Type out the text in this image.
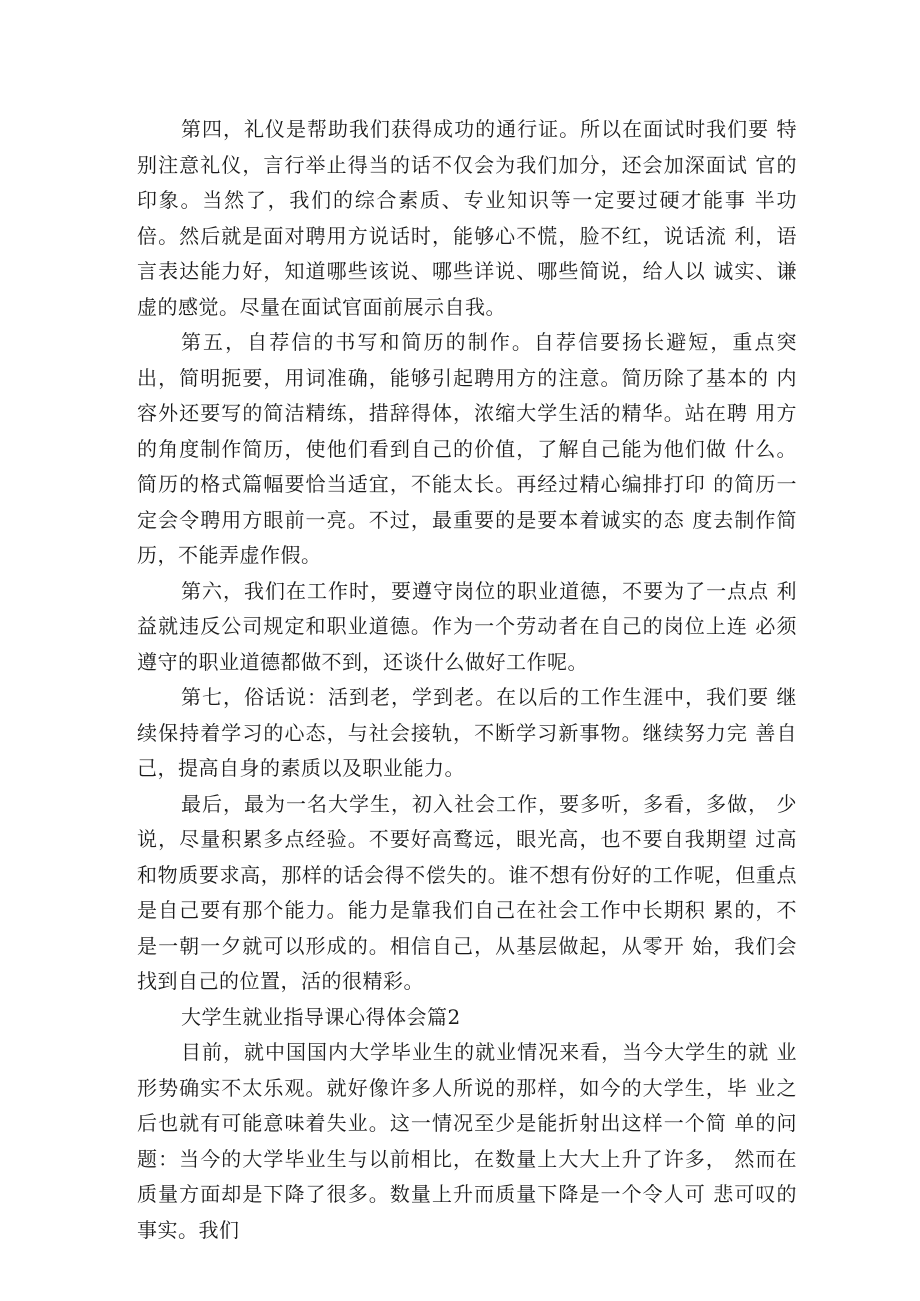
第四，礼仪是帮助我们获得成功的通行证。所以在面试时我们要 特别注意礼仪，言行举止得当的话不仅会为我们加分，还会加深面试 官的印象。当然了，我们的综合素质、专业知识等一定要过硬才能事 半功倍。然后就是面对聘用方说话时，能够心不慌，脸不红，说话流 利，语言表达能力好，知道哪些该说、哪些详说、哪些简说，给人以 诚实、谦虚的感觉。尽量在面试官面前展示自我。

第五，自荐信的书写和简历的制作。自荐信要扬长避短，重点突 出，简明扼要，用词准确，能够引起聘用方的注意。简历除了基本的 内容外还要写的简洁精练，措辞得体，浓缩大学生活的精华。站在聘 用方的角度制作简历，使他们看到自己的价值，了解自己能为他们做 什么。简历的格式篇幅要恰当适宜，不能太长。再经过精心编排打印 的简历一定会令聘用方眼前一亮。不过，最重要的是要本着诚实的态 度去制作简历，不能弄虚作假。

第六，我们在工作时，要遵守岗位的职业道德，不要为了一点点 利益就违反公司规定和职业道德。作为一个劳动者在自己的岗位上连 必须遵守的职业道德都做不到，还谈什么做好工作呢。

第七，俗话说：活到老，学到老。在以后的工作生涯中，我们要 继续保持着学习的心态，与社会接轨，不断学习新事物。继续努力完 善自己，提高自身的素质以及职业能力。

最后，最为一名大学生，初入社会工作，要多听，多看，多做， 少说，尽量积累多点经验。不要好高鹜远，眼光高，也不要自我期望 过高和物质要求高，那样的话会得不偿失的。谁不想有份好的工作呢，但重点是自己要有那个能力。能力是靠我们自己在社会工作中长期积 累的，不是一朝一夕就可以形成的。相信自己，从基层做起，从零开 始，我们会找到自己的位置，活的很精彩。

大学生就业指导课心得体会篇2

目前，就中国国内大学毕业生的就业情况来看，当今大学生的就 业形势确实不太乐观。就好像许多人所说的那样，如今的大学生，毕 业之后也就有可能意味着失业。这一情况至少是能折射出这样一个简 单的问题：当今的大学毕业生与以前相比，在数量上大大上升了许多， 然而在质量方面却是下降了很多。数量上升而质量下降是一个令人可 悲可叹的事实。我们
